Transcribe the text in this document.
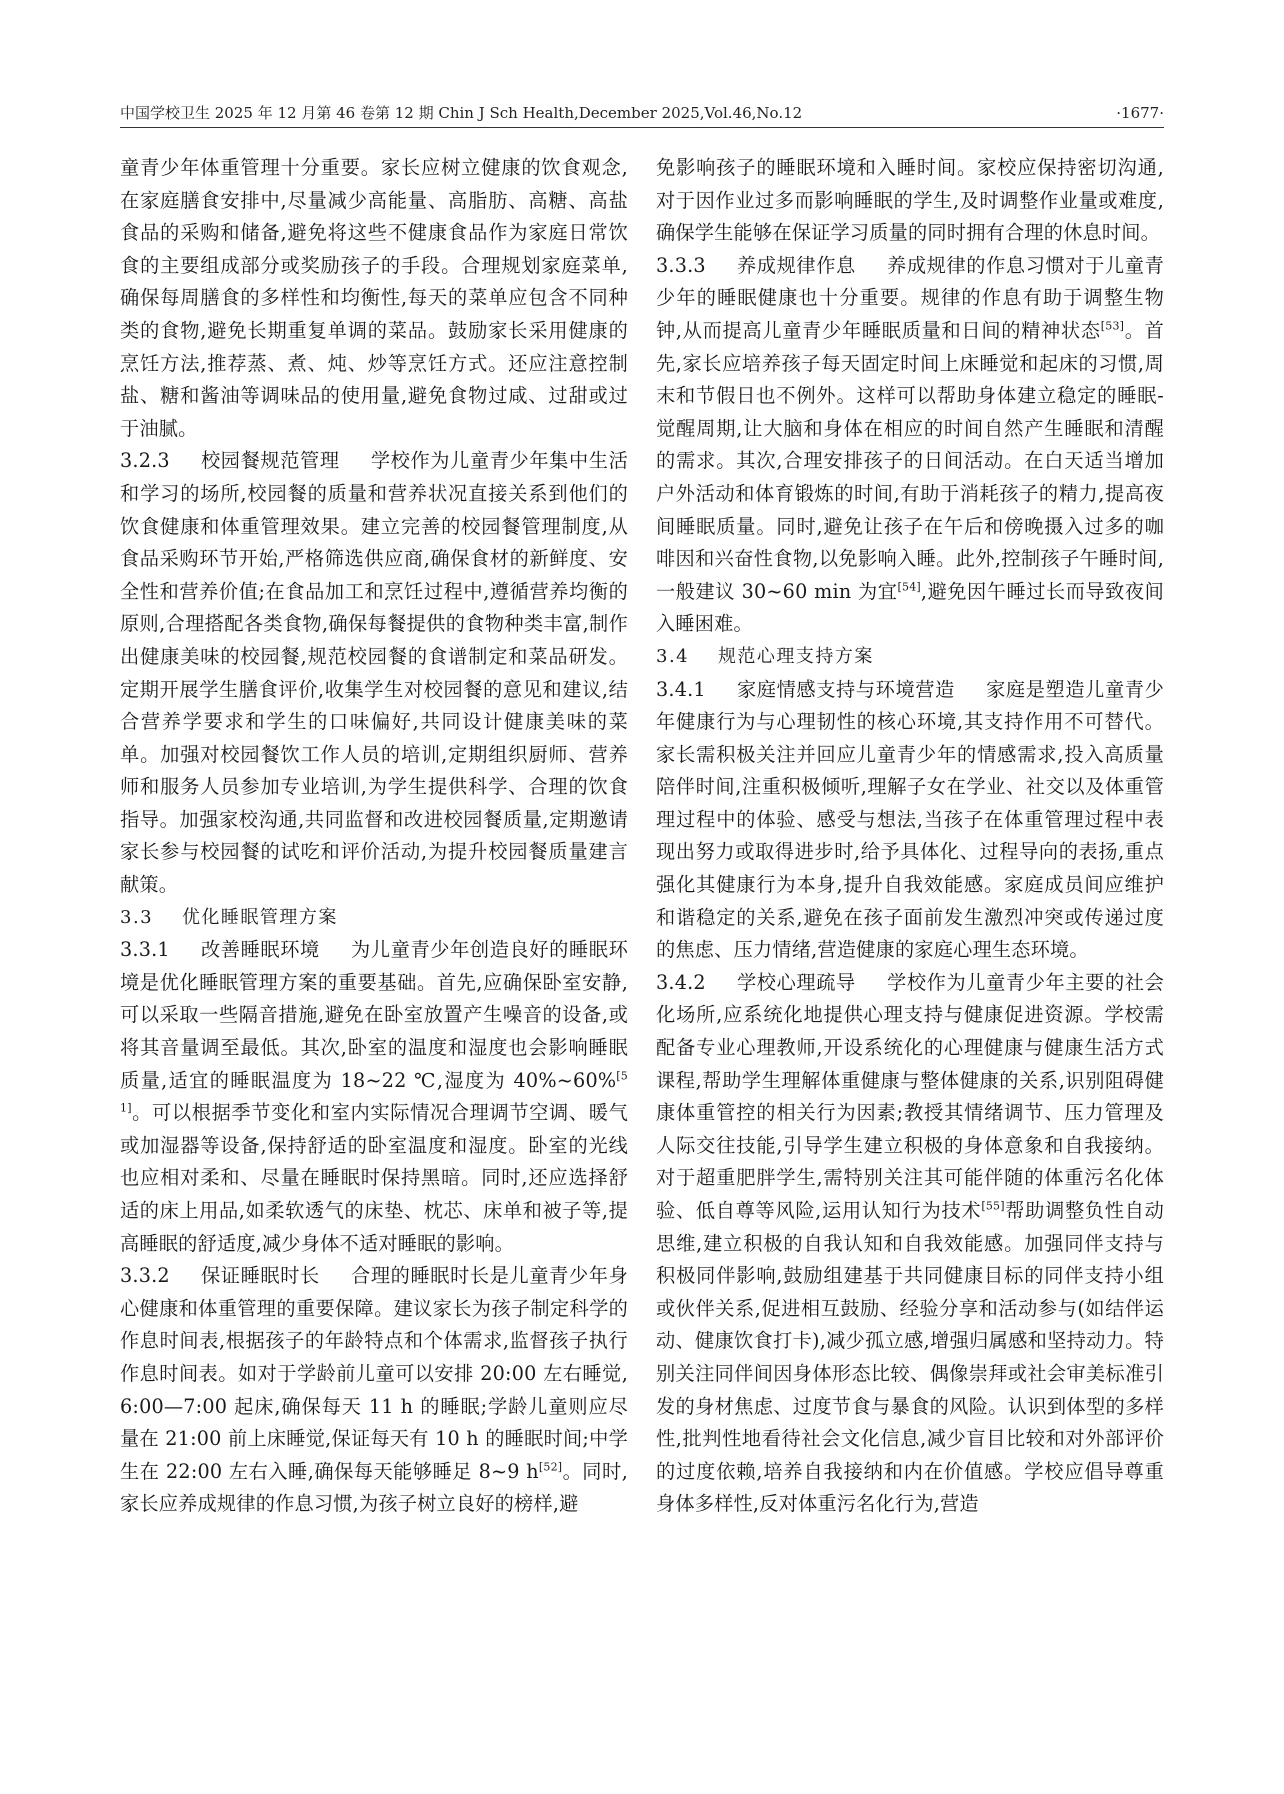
中国学校卫生 2025 年 12 月第 46 卷第 12 期 Chin J Sch Health,December 2025,Vol.46,No.12	·1677·

童青少年体重管理十分重要。家长应树立健康的饮食观念,在家庭膳食安排中,尽量减少高能量、高脂肪、高糖、高盐食品的采购和储备,避免将这些不健康食品作为家庭日常饮食的主要组成部分或奖励孩子的手段。合理规划家庭菜单,确保每周膳食的多样性和均衡性,每天的菜单应包含不同种类的食物,避免长期重复单调的菜品。鼓励家长采用健康的烹饪方法,推荐蒸、煮、炖、炒等烹饪方式。还应注意控制盐、糖和酱油等调味品的使用量,避免食物过咸、过甜或过于油腻。

3.2.3 校园餐规范管理 学校作为儿童青少年集中生活和学习的场所,校园餐的质量和营养状况直接关系到他们的饮食健康和体重管理效果。建立完善的校园餐管理制度,从食品采购环节开始,严格筛选供应商,确保食材的新鲜度、安全性和营养价值;在食品加工和烹饪过程中,遵循营养均衡的原则,合理搭配各类食物,确保每餐提供的食物种类丰富,制作出健康美味的校园餐,规范校园餐的食谱制定和菜品研发。定期开展学生膳食评价,收集学生对校园餐的意见和建议,结合营养学要求和学生的口味偏好,共同设计健康美味的菜单。加强对校园餐饮工作人员的培训,定期组织厨师、营养师和服务人员参加专业培训,为学生提供科学、合理的饮食指导。加强家校沟通,共同监督和改进校园餐质量,定期邀请家长参与校园餐的试吃和评价活动,为提升校园餐质量建言献策。

3.3 优化睡眠管理方案

3.3.1 改善睡眠环境 为儿童青少年创造良好的睡眠环境是优化睡眠管理方案的重要基础。首先,应确保卧室安静,可以采取一些隔音措施,避免在卧室放置产生噪音的设备,或将其音量调至最低。其次,卧室的温度和湿度也会影响睡眠质量,适宜的睡眠温度为 18~22 ℃,湿度为 40%~60%[51]。可以根据季节变化和室内实际情况合理调节空调、暖气或加湿器等设备,保持舒适的卧室温度和湿度。卧室的光线也应相对柔和、尽量在睡眠时保持黑暗。同时,还应选择舒适的床上用品,如柔软透气的床垫、枕芯、床单和被子等,提高睡眠的舒适度,减少身体不适对睡眠的影响。

3.3.2 保证睡眠时长 合理的睡眠时长是儿童青少年身心健康和体重管理的重要保障。建议家长为孩子制定科学的作息时间表,根据孩子的年龄特点和个体需求,监督孩子执行作息时间表。如对于学龄前儿童可以安排 20:00 左右睡觉,6:00—7:00 起床,确保每天 11 h 的睡眠;学龄儿童则应尽量在 21:00 前上床睡觉,保证每天有 10 h 的睡眠时间;中学生在 22:00 左右入睡,确保每天能够睡足 8~9 h[52]。同时,家长应养成规律的作息习惯,为孩子树立良好的榜样,避

免影响孩子的睡眠环境和入睡时间。家校应保持密切沟通,对于因作业过多而影响睡眠的学生,及时调整作业量或难度,确保学生能够在保证学习质量的同时拥有合理的休息时间。

3.3.3 养成规律作息 养成规律的作息习惯对于儿童青少年的睡眠健康也十分重要。规律的作息有助于调整生物钟,从而提高儿童青少年睡眠质量和日间的精神状态[53]。首先,家长应培养孩子每天固定时间上床睡觉和起床的习惯,周末和节假日也不例外。这样可以帮助身体建立稳定的睡眠-觉醒周期,让大脑和身体在相应的时间自然产生睡眠和清醒的需求。其次,合理安排孩子的日间活动。在白天适当增加户外活动和体育锻炼的时间,有助于消耗孩子的精力,提高夜间睡眠质量。同时,避免让孩子在午后和傍晚摄入过多的咖啡因和兴奋性食物,以免影响入睡。此外,控制孩子午睡时间,一般建议 30~60 min 为宜[54],避免因午睡过长而导致夜间入睡困难。

3.4 规范心理支持方案

3.4.1 家庭情感支持与环境营造 家庭是塑造儿童青少年健康行为与心理韧性的核心环境,其支持作用不可替代。家长需积极关注并回应儿童青少年的情感需求,投入高质量陪伴时间,注重积极倾听,理解子女在学业、社交以及体重管理过程中的体验、感受与想法,当孩子在体重管理过程中表现出努力或取得进步时,给予具体化、过程导向的表扬,重点强化其健康行为本身,提升自我效能感。家庭成员间应维护和谐稳定的关系,避免在孩子面前发生激烈冲突或传递过度的焦虑、压力情绪,营造健康的家庭心理生态环境。

3.4.2 学校心理疏导 学校作为儿童青少年主要的社会化场所,应系统化地提供心理支持与健康促进资源。学校需配备专业心理教师,开设系统化的心理健康与健康生活方式课程,帮助学生理解体重健康与整体健康的关系,识别阻碍健康体重管控的相关行为因素;教授其情绪调节、压力管理及人际交往技能,引导学生建立积极的身体意象和自我接纳。对于超重肥胖学生,需特别关注其可能伴随的体重污名化体验、低自尊等风险,运用认知行为技术[55]帮助调整负性自动思维,建立积极的自我认知和自我效能感。加强同伴支持与积极同伴影响,鼓励组建基于共同健康目标的同伴支持小组或伙伴关系,促进相互鼓励、经验分享和活动参与(如结伴运动、健康饮食打卡),减少孤立感,增强归属感和坚持动力。特别关注同伴间因身体形态比较、偶像崇拜或社会审美标准引发的身材焦虑、过度节食与暴食的风险。认识到体型的多样性,批判性地看待社会文化信息,减少盲目比较和对外部评价的过度依赖,培养自我接纳和内在价值感。学校应倡导尊重身体多样性,反对体重污名化行为,营造
